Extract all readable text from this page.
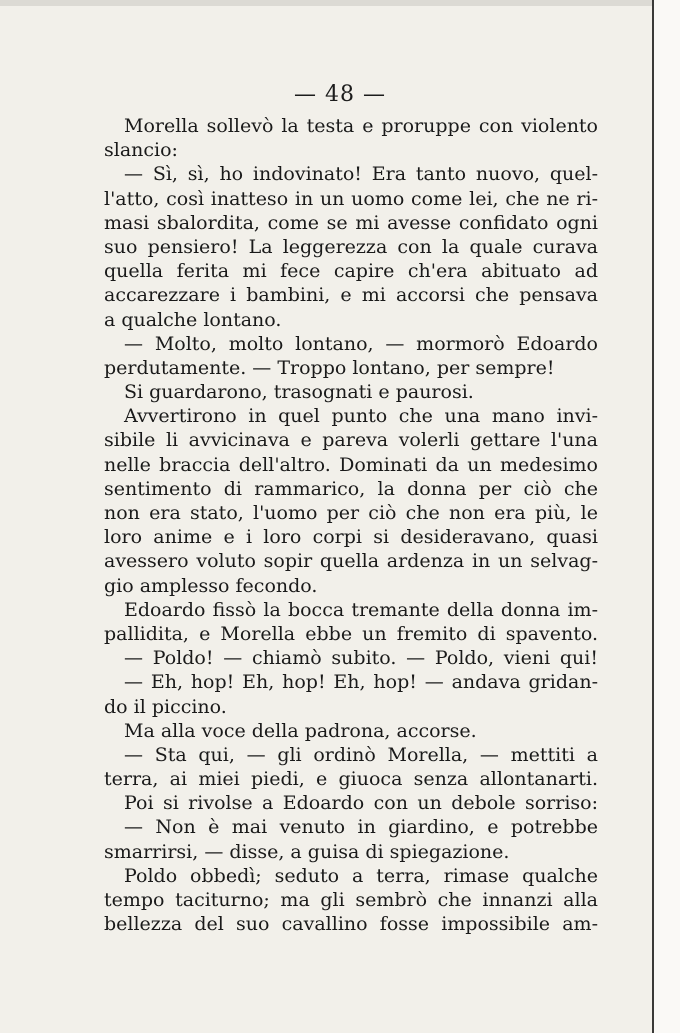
— 48 —
Morella sollevò la testa e proruppe con violento
slancio:
— Sì, sì, ho indovinato! Era tanto nuovo, quel-
l'atto, così inatteso in un uomo come lei, che ne ri-
masi sbalordita, come se mi avesse confidato ogni
suo pensiero! La leggerezza con la quale curava
quella ferita mi fece capire ch'era abituato ad
accarezzare i bambini, e mi accorsi che pensava
a qualche lontano.
— Molto, molto lontano, — mormorò Edoardo
perdutamente. — Troppo lontano, per sempre!
Si guardarono, trasognati e paurosi.
Avvertirono in quel punto che una mano invi-
sibile li avvicinava e pareva volerli gettare l'una
nelle braccia dell'altro. Dominati da un medesimo
sentimento di rammarico, la donna per ciò che
non era stato, l'uomo per ciò che non era più, le
loro anime e i loro corpi si desideravano, quasi
avessero voluto sopir quella ardenza in un selvag-
gio amplesso fecondo.
Edoardo fissò la bocca tremante della donna im-
pallidita, e Morella ebbe un fremito di spavento.
— Poldo! — chiamò subito. — Poldo, vieni qui!
— Eh, hop! Eh, hop! Eh, hop! — andava gridan-
do il piccino.
Ma alla voce della padrona, accorse.
— Sta qui, — gli ordinò Morella, — mettiti a
terra, ai miei piedi, e giuoca senza allontanarti.
Poi si rivolse a Edoardo con un debole sorriso:
— Non è mai venuto in giardino, e potrebbe
smarrirsi, — disse, a guisa di spiegazione.
Poldo obbedì; seduto a terra, rimase qualche
tempo taciturno; ma gli sembrò che innanzi alla
bellezza del suo cavallino fosse impossibile am-
